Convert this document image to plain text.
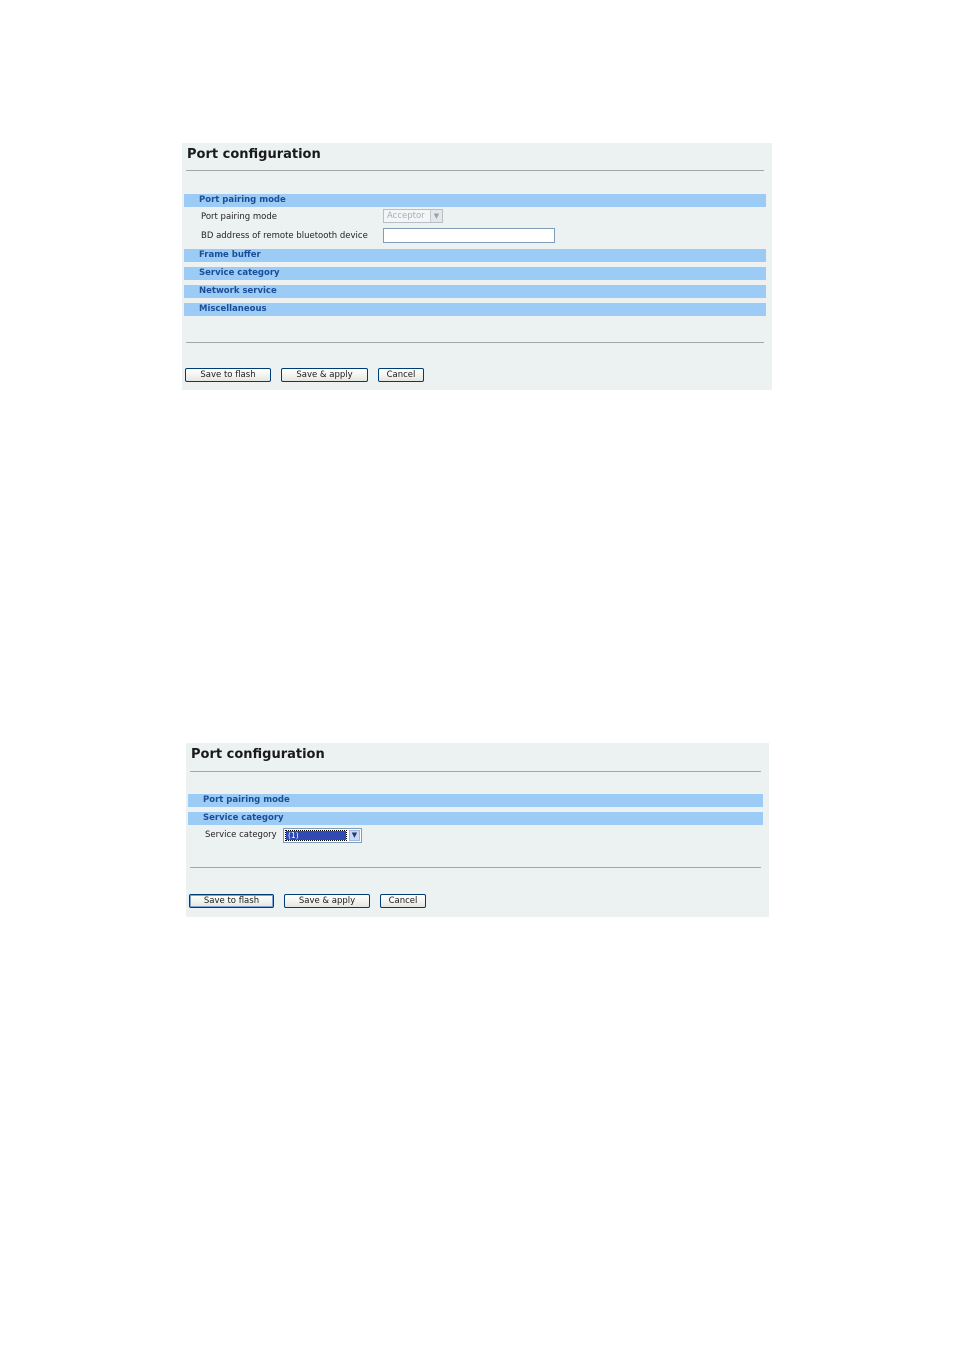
Port configuration
Port pairing mode
Port pairing mode	Acceptor	▼
BD address of remote bluetooth device
Frame buffer
Service category
Network service
Miscellaneous
Save to flash	Save & apply	Cancel
Port configuration
Port pairing mode
Service category
Service category (1)	▼
Save to flash	Save & apply	Cancel
